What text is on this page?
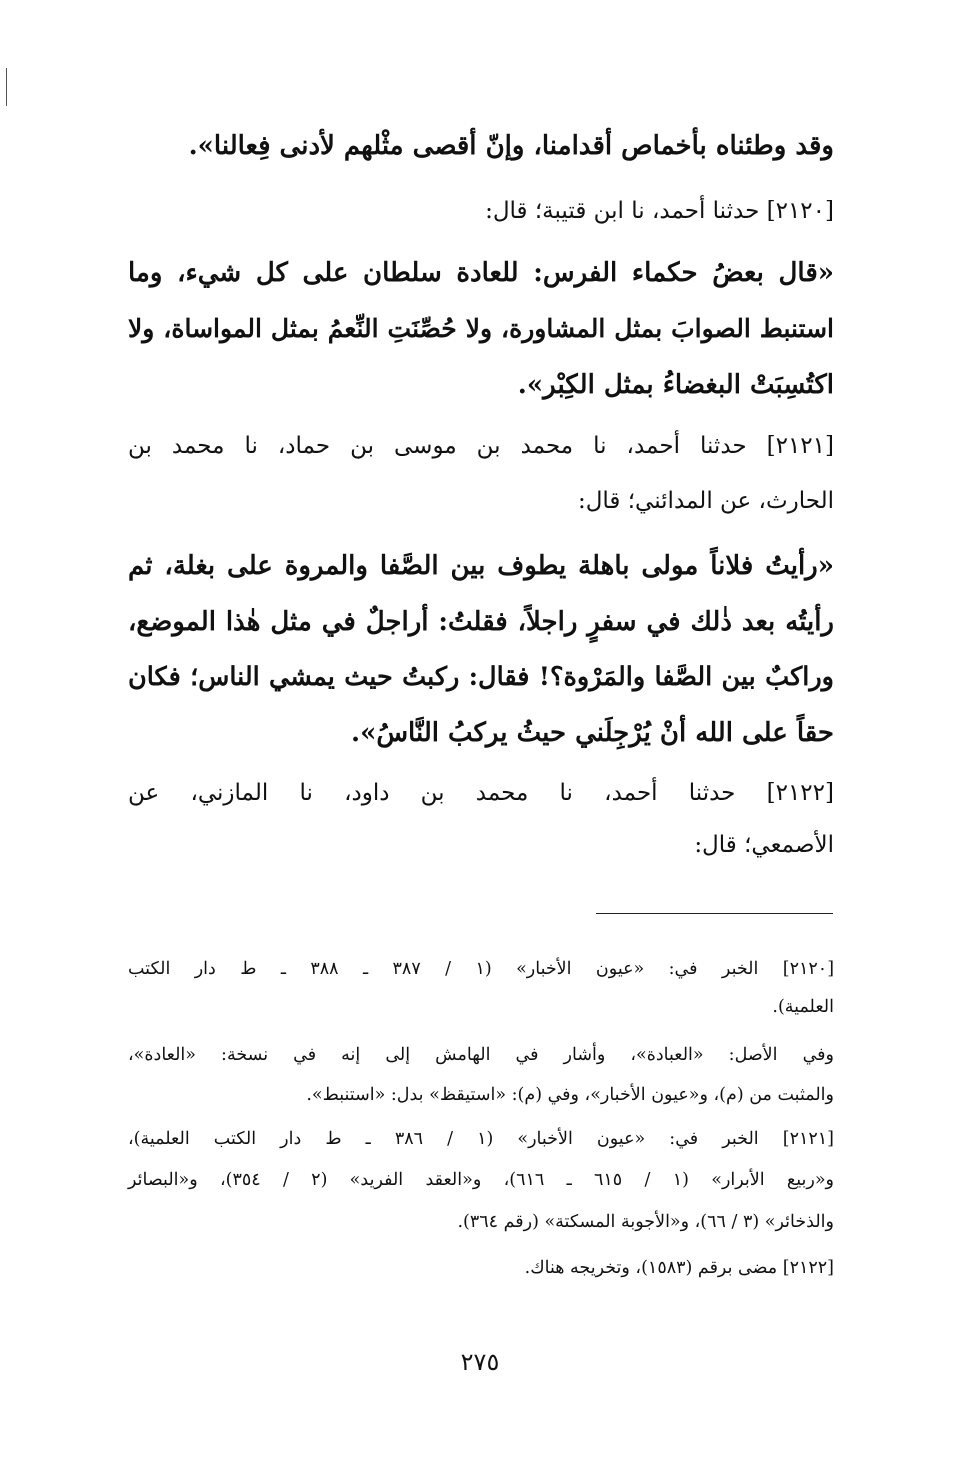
وقد وطئناه بأخماص أقدامنا، وإنّ أقصى مثْلهم لأدنى فِعالنا».
[٢١٢٠] حدثنا أحمد، نا ابن قتيبة؛ قال:
«قال بعضُ حكماء الفرس: للعادة سلطان على كل شيء، وما
استنبط الصوابَ بمثل المشاورة، ولا حُصِّنَتِ النِّعمُ بمثل المواساة، ولا
اكتُسِبَتْ البغضاءُ بمثل الكِبْر».
[٢١٢١] حدثنا أحمد، نا محمد بن موسى بن حماد، نا محمد بن
الحارث، عن المدائني؛ قال:
«رأيتُ فلاناً مولى باهلة يطوف بين الصَّفا والمروة على بغلة، ثم
رأيتُه بعد ذٰلك في سفرٍ راجلاً، فقلتُ: أراجلٌ في مثل هٰذا الموضع،
وراكبٌ بين الصَّفا والمَرْوة؟! فقال: ركبتُ حيث يمشي الناس؛ فكان
حقاً على الله أنْ يُرْجِلَني حيثُ يركبُ النَّاسُ».
[٢١٢٢] حدثنا أحمد، نا محمد بن داود، نا المازني، عن
الأصمعي؛ قال:
[٢١٢٠] الخبر في: «عيون الأخبار» (١ / ٣٨٧ ـ ٣٨٨ ـ ط دار الكتب
العلمية).
وفي الأصل: «العبادة»، وأشار في الهامش إلى إنه في نسخة: «العادة»،
والمثبت من (م)، و«عيون الأخبار»، وفي (م): «استيقظ» بدل: «استنبط».
[٢١٢١] الخبر في: «عيون الأخبار» (١ / ٣٨٦ ـ ط دار الكتب العلمية)،
و«ربيع الأبرار» (١ / ٦١٥ ـ ٦١٦)، و«العقد الفريد» (٢ / ٣٥٤)، و«البصائر
والذخائر» (٣ / ٦٦)، و«الأجوبة المسكتة» (رقم ٣٦٤).
[٢١٢٢] مضى برقم (١٥٨٣)، وتخريجه هناك.
٢٧٥
